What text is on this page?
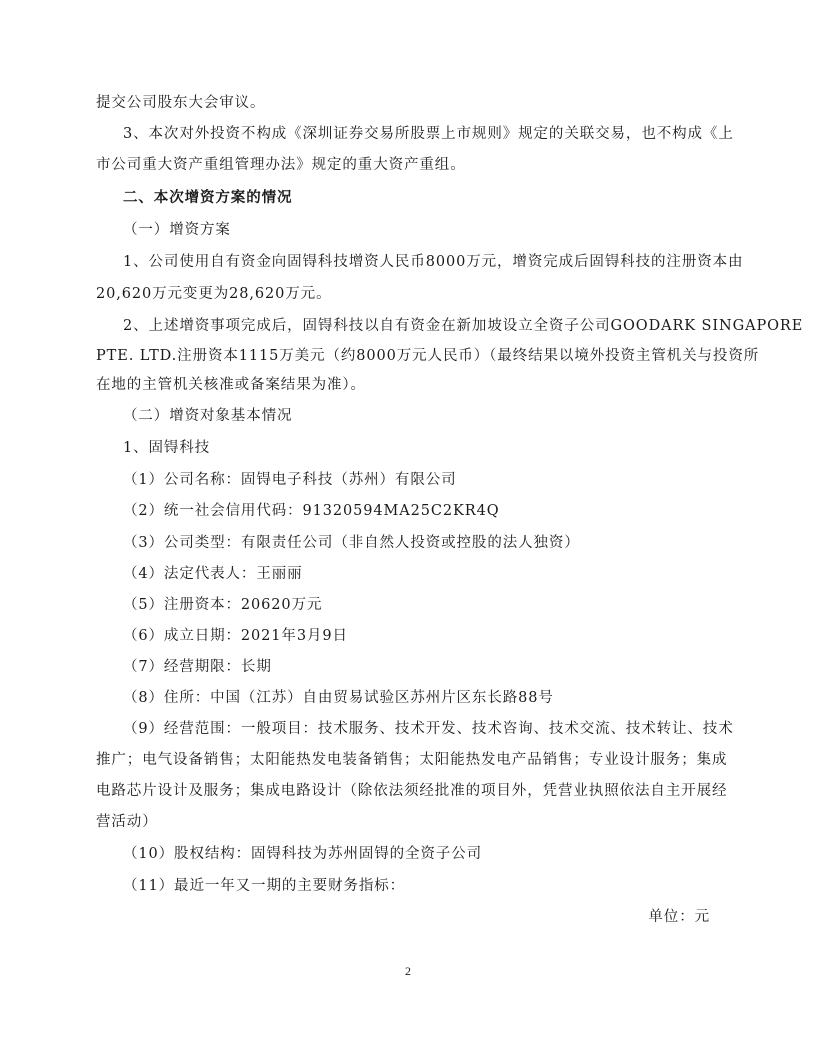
提交公司股东大会审议。
3、本次对外投资不构成《深圳证券交易所股票上市规则》规定的关联交易，也不构成《上
市公司重大资产重组管理办法》规定的重大资产重组。
二、本次增资方案的情况
（一）增资方案
1、公司使用自有资金向固锝科技增资人民币8000万元，增资完成后固锝科技的注册资本由
20,620万元变更为28,620万元。
2、上述增资事项完成后，固锝科技以自有资金在新加坡设立全资子公司GOODARK SINGAPORE
PTE. LTD.注册资本1115万美元（约8000万元人民币）（最终结果以境外投资主管机关与投资所
在地的主管机关核准或备案结果为准）。
（二）增资对象基本情况
1、固锝科技
（1）公司名称：固锝电子科技（苏州）有限公司
（2）统一社会信用代码：91320594MA25C2KR4Q
（3）公司类型：有限责任公司（非自然人投资或控股的法人独资）
（4）法定代表人：王丽丽
（5）注册资本：20620万元
（6）成立日期：2021年3月9日
（7）经营期限：长期
（8）住所：中国（江苏）自由贸易试验区苏州片区东长路88号
（9）经营范围：一般项目：技术服务、技术开发、技术咨询、技术交流、技术转让、技术
推广；电气设备销售；太阳能热发电装备销售；太阳能热发电产品销售；专业设计服务；集成
电路芯片设计及服务；集成电路设计（除依法须经批准的项目外，凭营业执照依法自主开展经
营活动）
（10）股权结构：固锝科技为苏州固锝的全资子公司
（11）最近一年又一期的主要财务指标：
单位：元
2
